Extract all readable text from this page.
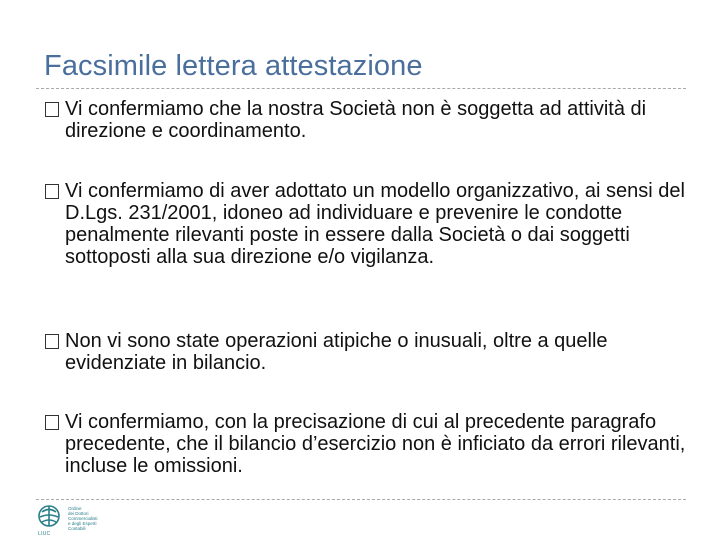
Facsimile lettera attestazione
Vi confermiamo che la nostra Società non è soggetta ad attività di direzione e coordinamento.
Vi confermiamo di aver adottato un modello organizzativo, ai sensi del D.Lgs. 231/2001, idoneo ad individuare e prevenire le condotte penalmente rilevanti poste in essere dalla Società o dai soggetti sottoposti alla sua direzione e/o vigilanza.
Non vi sono state operazioni atipiche o inusuali, oltre a quelle evidenziate in bilancio.
Vi confermiamo, con la precisazione di cui al precedente paragrafo precedente, che il bilancio d’esercizio non è inficiato da errori rilevanti, incluse le omissioni.
LIUC
Ordine
dei Dottori
Commercialisti
e degli Esperti
Contabili
